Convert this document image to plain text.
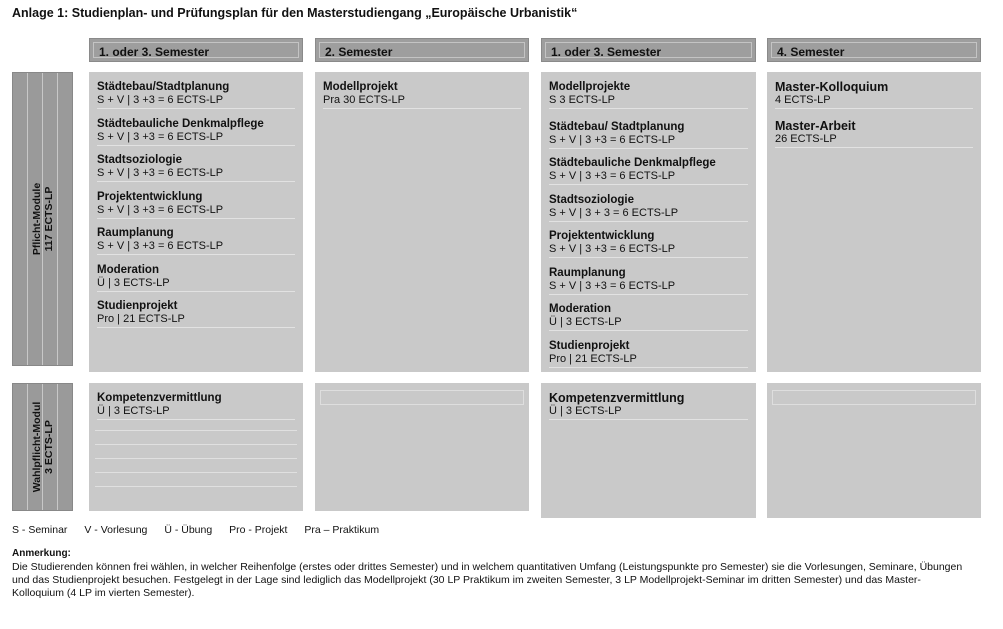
Anlage 1: Studienplan- und Prüfungsplan für den Masterstudiengang „Europäische Urbanistik“
1. oder 3. Semester	2. Semester	1. oder 3. Semester	4. Semester
Pflicht-Module 117 ECTS-LP
Wahlpflicht-Modul 3 ECTS-LP
Städtebau/Stadtplanung
S + V | 3 +3 = 6 ECTS-LP
Städtebauliche Denkmalpflege
S + V | 3 +3 = 6 ECTS-LP
Stadtsoziologie
S + V | 3 +3 = 6 ECTS-LP
Projektentwicklung
S + V | 3 +3 = 6 ECTS-LP
Raumplanung
S + V | 3 +3 = 6 ECTS-LP
Moderation
Ü | 3 ECTS-LP
Studienprojekt
Pro | 21 ECTS-LP
Modellprojekt
Pra 30 ECTS-LP
Modellprojekte
S 3 ECTS-LP
Städtebau/ Stadtplanung
S + V | 3 +3 = 6 ECTS-LP
Städtebauliche Denkmalpflege
S + V | 3 +3 = 6 ECTS-LP
Stadtsoziologie
S + V | 3 + 3 = 6 ECTS-LP
Projektentwicklung
S + V | 3 +3 = 6 ECTS-LP
Raumplanung
S + V | 3 +3 = 6 ECTS-LP
Moderation
Ü | 3 ECTS-LP
Studienprojekt
Pro | 21 ECTS-LP
Master-Kolloquium
4 ECTS-LP
Master-Arbeit
26 ECTS-LP
Kompetenzvermittlung
Ü | 3 ECTS-LP
Kompetenzvermittlung
Ü | 3 ECTS-LP
S - Seminar V - Vorlesung Ü - Übung Pro - Projekt Pra – Praktikum
Anmerkung:
Die Studierenden können frei wählen, in welcher Reihenfolge (erstes oder drittes Semester) und in welchem quantitativen Umfang (Leistungspunkte pro Semester) sie die Vorlesungen, Seminare, Übungen und das Studienprojekt besuchen. Festgelegt in der Lage sind lediglich das Modellprojekt (30 LP Praktikum im zweiten Semester, 3 LP Modellprojekt-Seminar im dritten Semester) und das Master-Kolloquium (4 LP im vierten Semester).
